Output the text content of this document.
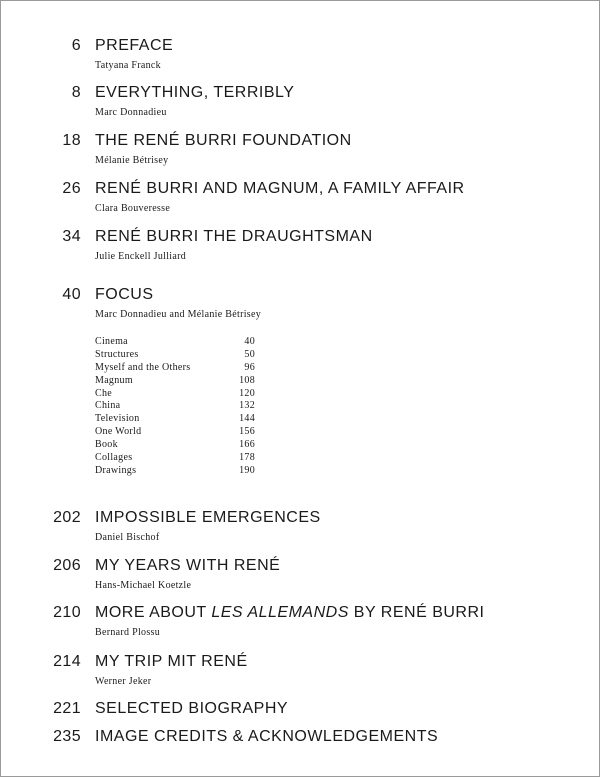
6 PREFACE
Tatyana Franck
8 EVERYTHING, TERRIBLY
Marc Donnadieu
18 THE RENÉ BURRI FOUNDATION
Mélanie Bétrisey
26 RENÉ BURRI AND MAGNUM, A FAMILY AFFAIR
Clara Bouveresse
34 RENÉ BURRI THE DRAUGHTSMAN
Julie Enckell Julliard
40 FOCUS
Marc Donnadieu and Mélanie Bétrisey
Cinema	40
Structures	50
Myself and the Others	96
Magnum	108
Che	120
China	132
Television	144
One World	156
Book	166
Collages	178
Drawings	190
202 IMPOSSIBLE EMERGENCES
Daniel Bischof
206 MY YEARS WITH RENÉ
Hans-Michael Koetzle
210 MORE ABOUT LES ALLEMANDS BY RENÉ BURRI
Bernard Plossu
214 MY TRIP MIT RENÉ
Werner Jeker
221 SELECTED BIOGRAPHY
235 IMAGE CREDITS & ACKNOWLEDGEMENTS
